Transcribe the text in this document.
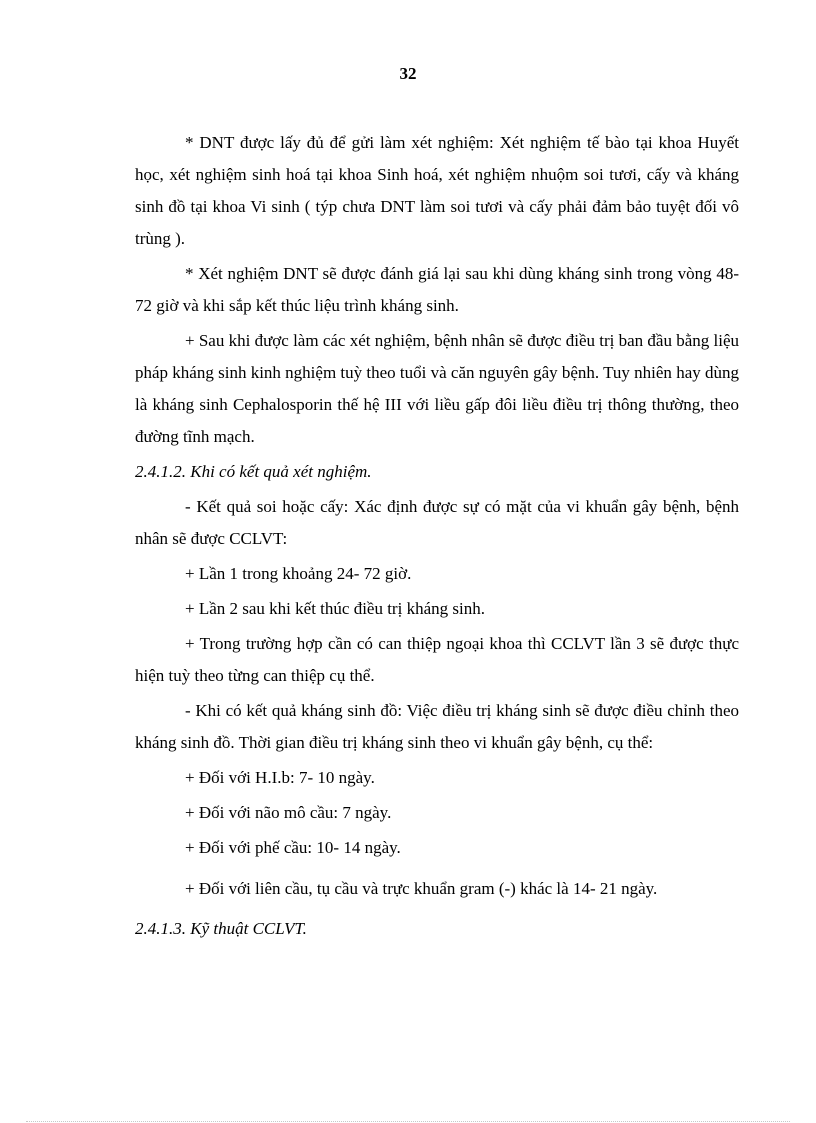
32

* DNT được lấy đủ để gửi làm xét nghiệm: Xét nghiệm tế bào tại khoa Huyết học, xét nghiệm sinh hoá tại khoa Sinh hoá, xét nghiệm nhuộm soi tươi, cấy và kháng sinh đồ tại khoa Vi sinh ( týp chưa DNT làm soi tươi và cấy phải đảm bảo tuyệt đối vô trùng ).

* Xét nghiệm DNT sẽ được đánh giá lại sau khi dùng kháng sinh trong vòng 48- 72 giờ và khi sắp kết thúc liệu trình kháng sinh.

+ Sau khi được làm các xét nghiệm, bệnh nhân sẽ được điều trị ban đầu bằng liệu pháp kháng sinh kinh nghiệm tuỳ theo tuổi và căn nguyên gây bệnh. Tuy nhiên hay dùng là kháng sinh Cephalosporin thế hệ III với liều gấp đôi liều điều trị thông thường, theo đường tĩnh mạch.

2.4.1.2. Khi có kết quả xét nghiệm.

- Kết quả soi hoặc cấy: Xác định được sự có mặt của vi khuẩn gây bệnh, bệnh nhân sẽ được CCLVT:

+ Lần 1 trong khoảng 24- 72 giờ.

+ Lần 2 sau khi kết thúc điều trị kháng sinh.

+ Trong trường hợp cần có can thiệp ngoại khoa thì CCLVT lần 3 sẽ được thực hiện tuỳ theo từng can thiệp cụ thể.

- Khi có kết quả kháng sinh đồ: Việc điều trị kháng sinh sẽ được điều chỉnh theo kháng sinh đồ. Thời gian điều trị kháng sinh theo vi khuẩn gây bệnh, cụ thể:

+ Đối với H.I.b: 7- 10 ngày.

+ Đối với não mô cầu: 7 ngày.

+ Đối với phế cầu: 10- 14 ngày.

+ Đối với liên cầu, tụ cầu và trực khuẩn gram (-) khác là 14- 21 ngày.

2.4.1.3. Kỹ thuật CCLVT.
